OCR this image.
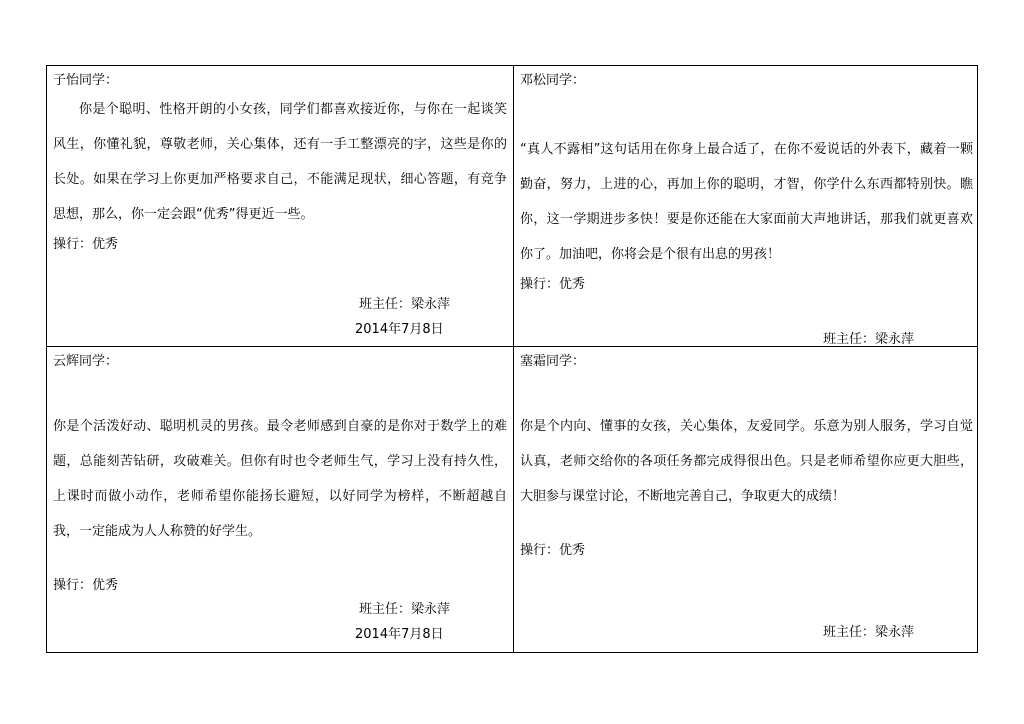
子怡同学：
你是个聪明、性格开朗的小女孩，同学们都喜欢接近你，与你在一起谈笑风生，你懂礼貌，尊敬老师，关心集体，还有一手工整漂亮的字，这些是你的长处。如果在学习上你更加严格要求自己，不能满足现状，细心答题，有竞争思想，那么，你一定会跟“优秀”得更近一些。
操行：优秀
班主任：梁永萍
2014年7月8日
邓松同学：
“真人不露相”这句话用在你身上最合适了，在你不爱说话的外表下，藏着一颗勤奋，努力，上进的心，再加上你的聪明，才智，你学什么东西都特别快。瞧你，这一学期进步多快！要是你还能在大家面前大声地讲话，那我们就更喜欢你了。加油吧，你将会是个很有出息的男孩！
操行：优秀
班主任：梁永萍
云辉同学：
你是个活泼好动、聪明机灵的男孩。最令老师感到自豪的是你对于数学上的难题，总能刻苦钻研，攻破难关。但你有时也令老师生气，学习上没有持久性，上课时而做小动作，老师希望你能扬长避短，以好同学为榜样，不断超越自我，一定能成为人人称赞的好学生。
操行：优秀
班主任：梁永萍
2014年7月8日
塞霜同学：
你是个内向、懂事的女孩，关心集体，友爱同学。乐意为别人服务，学习自觉认真，老师交给你的各项任务都完成得很出色。只是老师希望你应更大胆些，大胆参与课堂讨论，不断地完善自己，争取更大的成绩！
操行：优秀
班主任：梁永萍
